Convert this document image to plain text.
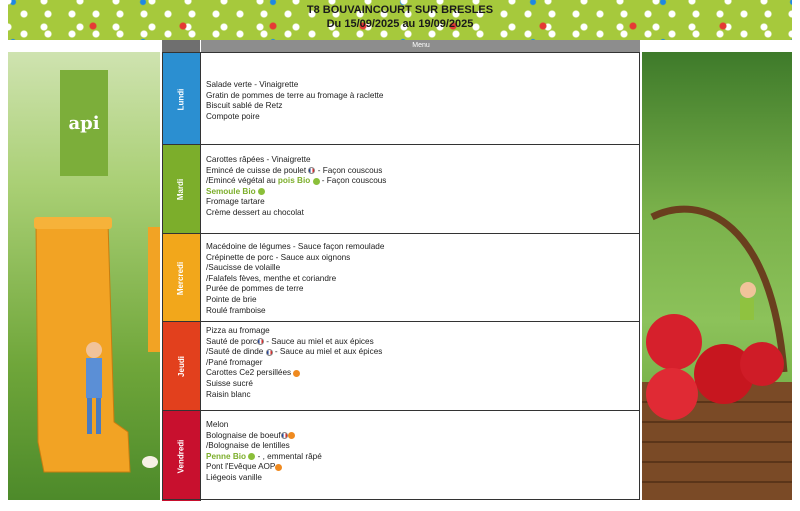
T8 BOUVAINCOURT SUR BRESLES
Du 15/09/2025 au 19/09/2025
Menu
api
Lundi
Salade verte - Vinaigrette
Gratin de pommes de terre au fromage à raclette
Biscuit sablé de Retz
Compote poire
Mardi
Carottes râpées - Vinaigrette
Emincé de cuisse de poulet  - Façon couscous
/Emincé végétal au pois Bio  - Façon couscous
Semoule Bio
Fromage tartare
Crème dessert au chocolat
Mercredi
Macédoine de légumes - Sauce façon remoulade
Crépinette de porc - Sauce aux oignons
/Saucisse de volaille
/Falafels fèves, menthe et coriandre
Purée de pommes de terre
Pointe de brie
Roulé framboise
Jeudi
Pizza au fromage
Sauté de porc - Sauce au miel et aux épices
/Sauté de dinde  - Sauce au miel et aux épices
/Pané fromager
Carottes Ce2 persillées
Suisse sucré
Raisin blanc
Vendredi
Melon
Bolognaise de boeuf
/Bolognaise de lentilles
Penne Bio  - , emmental râpé
Pont l'Evêque AOP
Liégeois vanille
